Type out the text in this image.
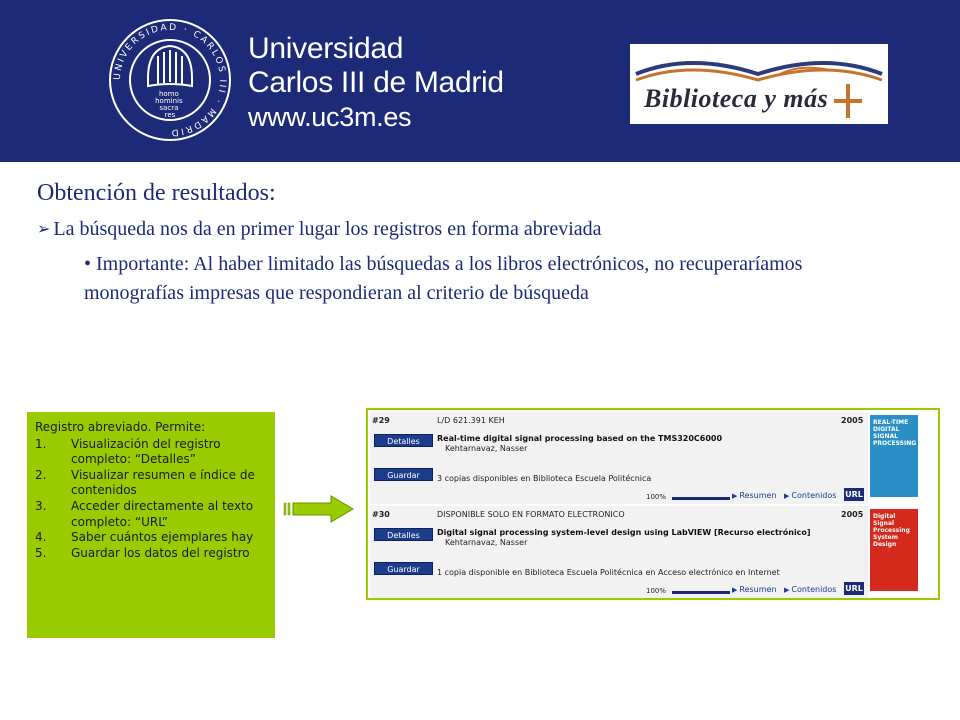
UNIVERSIDAD · CARLOS III · MADRID
homo hominis sacra res
Universidad
Carlos III de Madrid
www.uc3m.es
Biblioteca y más
Obtención de resultados:
➢ La búsqueda nos da en primer lugar los registros en forma abreviada
• Importante: Al haber limitado las búsquedas a los libros electrónicos, no recuperaríamos monografías impresas que respondieran al criterio de búsqueda
Registro abreviado. Permite:
1. Visualización del registro completo: “Detalles”
2. Visualizar resumen e índice de contenidos
3. Acceder directamente al texto completo: “URL”
4. Saber cuántos ejemplares hay
5. Guardar los datos del registro
#29	L/D 621.391 KEH	2005
Detalles	Real-time digital signal processing based on the TMS320C6000
Kehtarnavaz, Nasser
Guardar	3 copias disponibles en Biblioteca Escuela Politécnica
100%	▶ Resumen ▶ Contenidos URL
REAL-TIME DIGITAL SIGNAL PROCESSING
#30	DISPONIBLE SOLO EN FORMATO ELECTRONICO	2005
Detalles	Digital signal processing system-level design using LabVIEW [Recurso electrónico]
Kehtarnavaz, Nasser
Guardar	1 copia disponible en Biblioteca Escuela Politécnica en Acceso electrónico en Internet
100%	▶ Resumen ▶ Contenidos URL
Digital Signal Processing System Design
